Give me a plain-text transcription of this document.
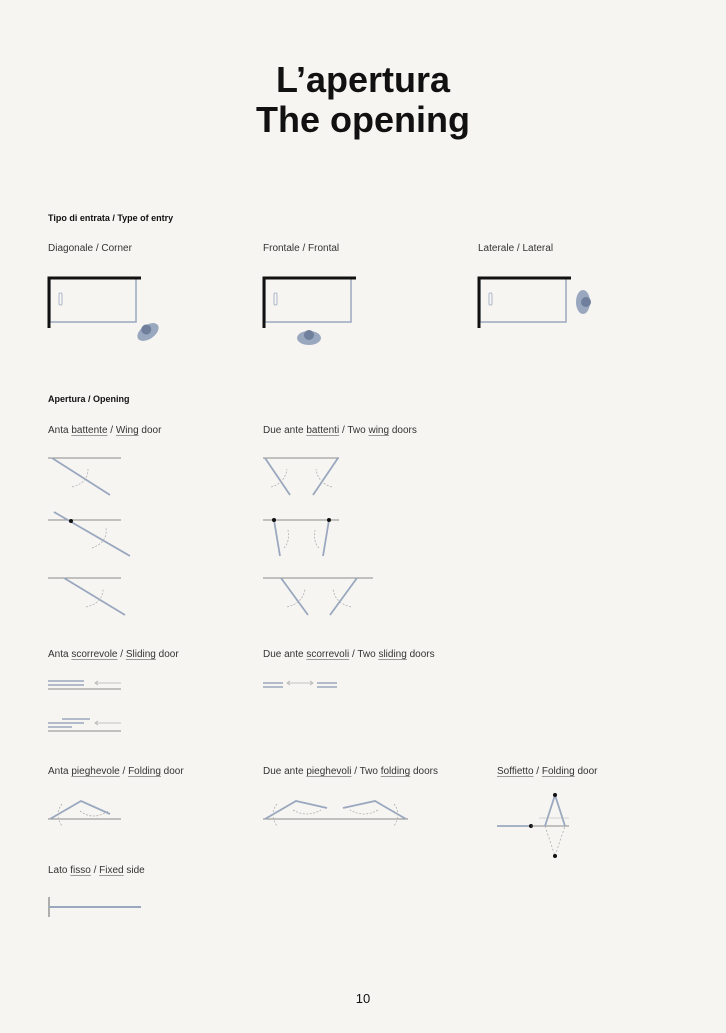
L’apertura
The opening
Tipo di entrata / Type of entry
Diagonale / Corner	Frontale / Frontal	Laterale / Lateral
Apertura / Opening
Anta battente / Wing door	Due ante battenti / Two wing doors
Anta scorrevole / Sliding door	Due ante scorrevoli / Two sliding doors
Anta pieghevole / Folding door	Due ante pieghevoli / Two folding doors	Soffietto / Folding door
Lato fisso / Fixed side
10
